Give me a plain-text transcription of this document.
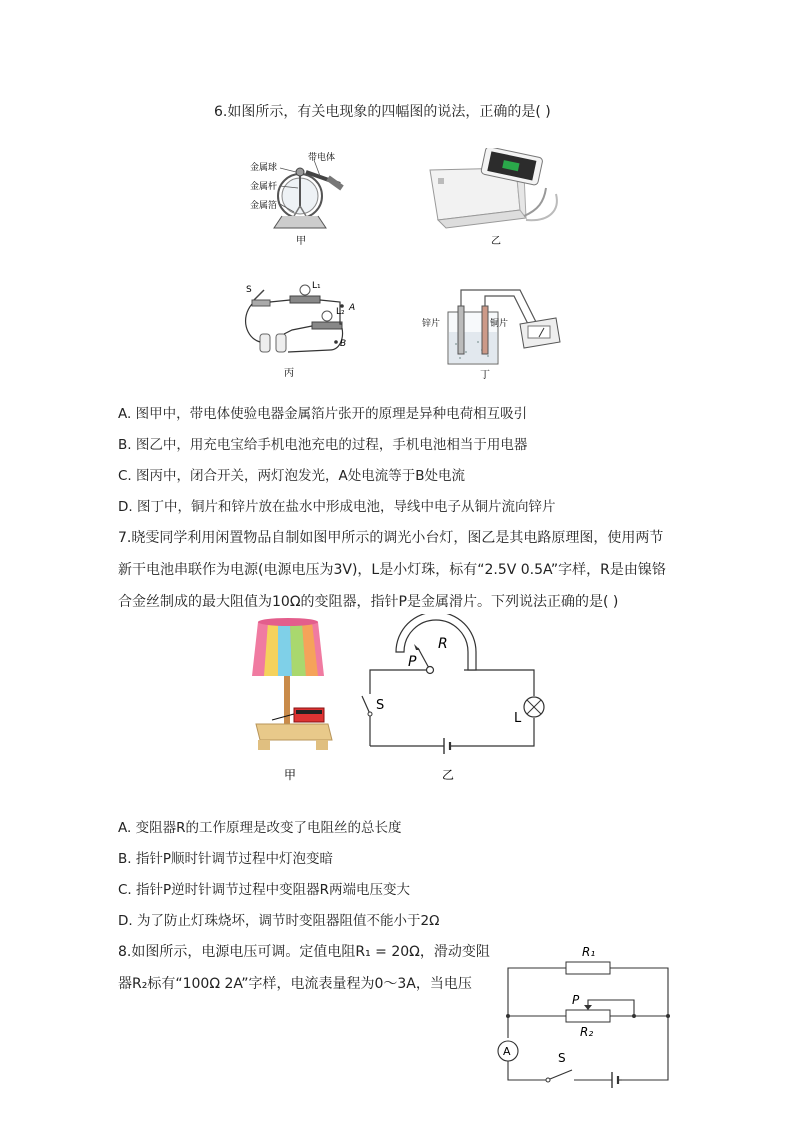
6.如图所示，有关电现象的四幅图的说法，正确的是( )
带电体
金属球
金属杆
金属箔
甲	乙
S	L₁
L₂ A
B
丙
锌片	铜片
丁
A. 图甲中，带电体使验电器金属箔片张开的原理是异种电荷相互吸引
B. 图乙中，用充电宝给手机电池充电的过程，手机电池相当于用电器
C. 图丙中，闭合开关，两灯泡发光，A处电流等于B处电流
D. 图丁中，铜片和锌片放在盐水中形成电池，导线中电子从铜片流向锌片
7.晓雯同学利用闲置物品自制如图甲所示的调光小台灯，图乙是其电路原理图，使用两节
新干电池串联作为电源(电源电压为3V)，L是小灯珠，标有“2.5V 0.5A”字样，R是由镍铬
合金丝制成的最大阻值为10Ω的变阻器，指针P是金属滑片。下列说法正确的是( )
甲
P
R
S
L
乙
A. 变阻器R的工作原理是改变了电阻丝的总长度
B. 指针P顺时针调节过程中灯泡变暗
C. 指针P逆时针调节过程中变阻器R两端电压变大
D. 为了防止灯珠烧坏，调节时变阻器阻值不能小于2Ω
8.如图所示，电源电压可调。定值电阻R₁ = 20Ω，滑动变阻
器R₂标有“100Ω 2A”字样，电流表量程为0～3A，当电压
R₁
P
R₂
A	S
